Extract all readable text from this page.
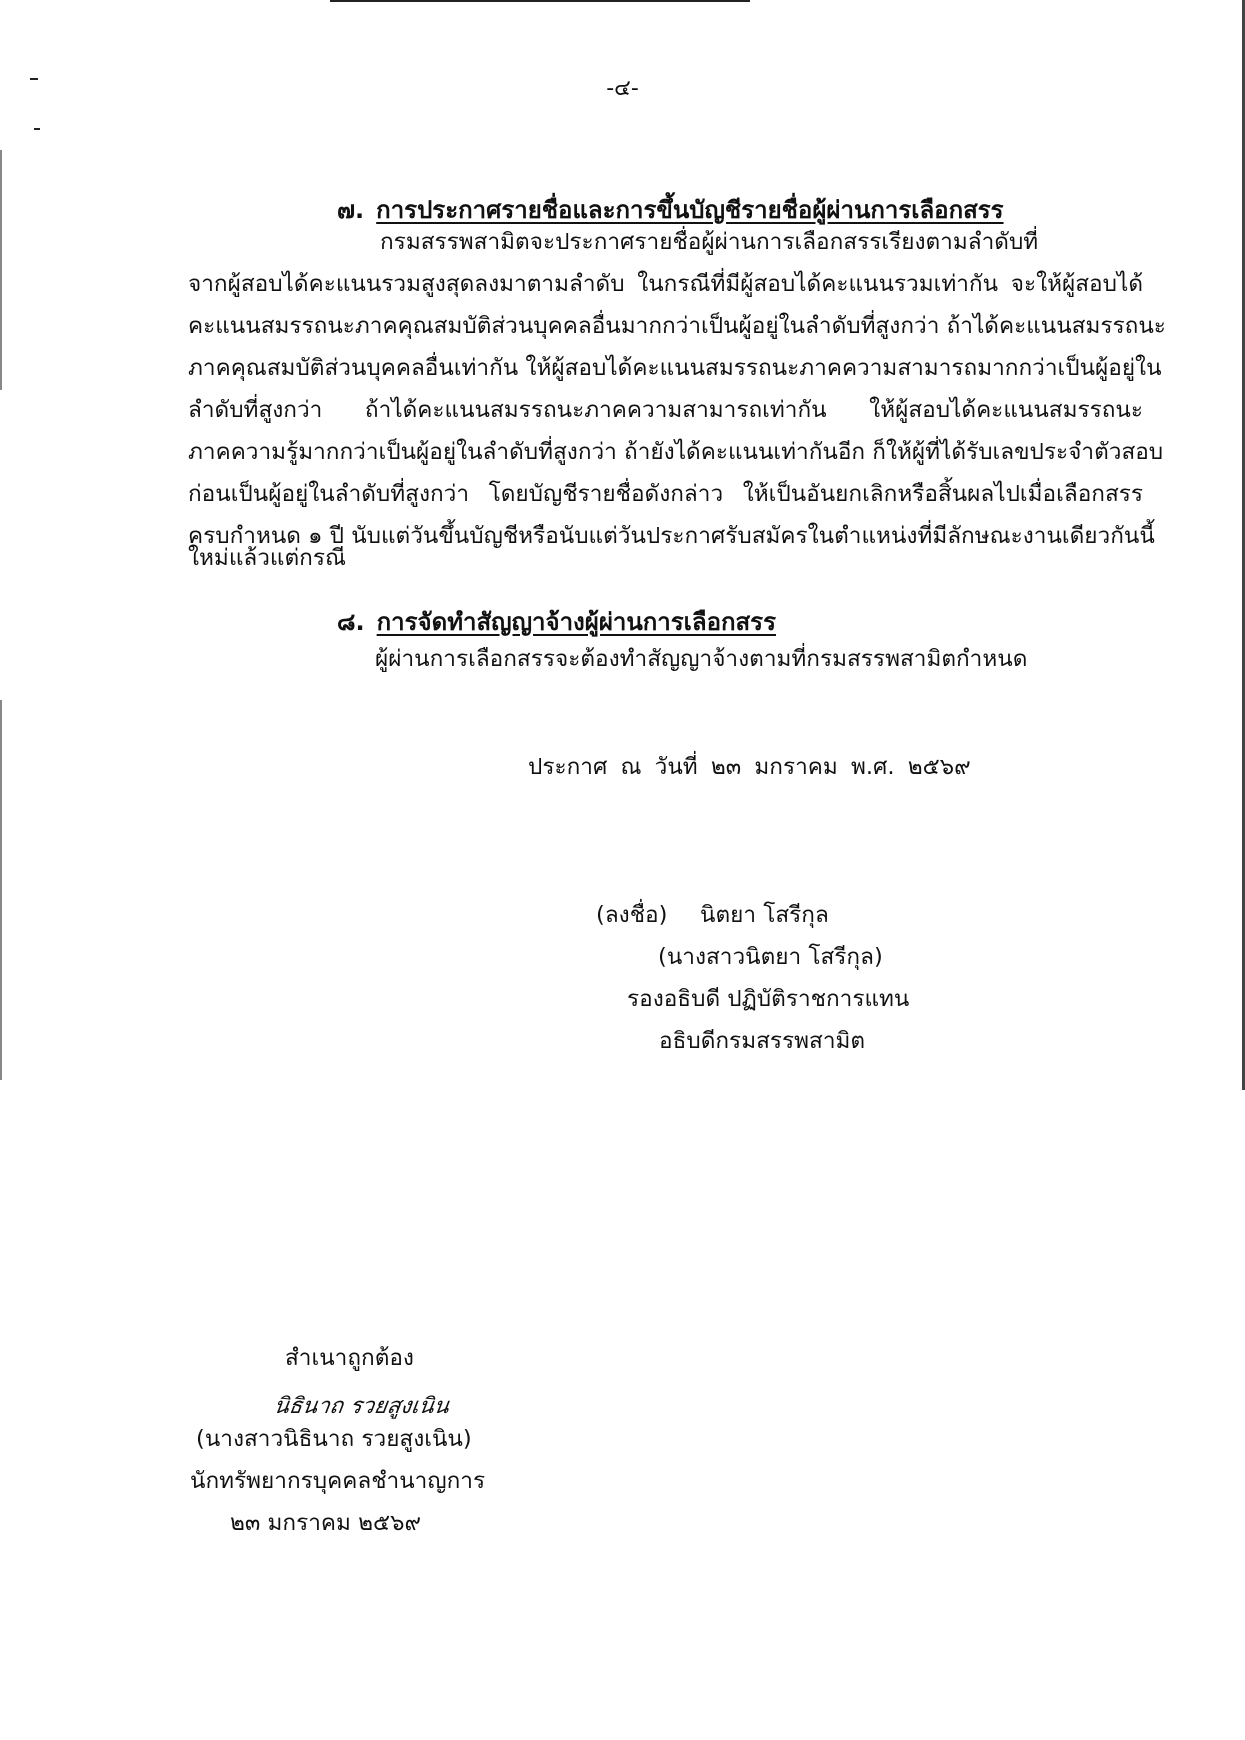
-๔-
๗. การประกาศรายชื่อและการขึ้นบัญชีรายชื่อผู้ผ่านการเลือกสรร
กรมสรรพสามิตจะประกาศรายชื่อผู้ผ่านการเลือกสรรเรียงตามลำดับที่
จากผู้สอบได้คะแนนรวมสูงสุดลงมาตามลำดับ ในกรณีที่มีผู้สอบได้คะแนนรวมเท่ากัน จะให้ผู้สอบได้
คะแนนสมรรถนะภาคคุณสมบัติส่วนบุคคลอื่นมากกว่าเป็นผู้อยู่ในลำดับที่สูงกว่า ถ้าได้คะแนนสมรรถนะ
ภาคคุณสมบัติส่วนบุคคลอื่นเท่ากัน ให้ผู้สอบได้คะแนนสมรรถนะภาคความสามารถมากกว่าเป็นผู้อยู่ใน
ลำดับที่สูงกว่า ถ้าได้คะแนนสมรรถนะภาคความสามารถเท่ากัน ให้ผู้สอบได้คะแนนสมรรถนะ
ภาคความรู้มากกว่าเป็นผู้อยู่ในลำดับที่สูงกว่า ถ้ายังได้คะแนนเท่ากันอีก ก็ให้ผู้ที่ได้รับเลขประจำตัวสอบ
ก่อนเป็นผู้อยู่ในลำดับที่สูงกว่า โดยบัญชีรายชื่อดังกล่าว ให้เป็นอันยกเลิกหรือสิ้นผลไปเมื่อเลือกสรร
ครบกำหนด ๑ ปี นับแต่วันขึ้นบัญชีหรือนับแต่วันประกาศรับสมัครในตำแหน่งที่มีลักษณะงานเดียวกันนี้
ใหม่แล้วแต่กรณี
๘. การจัดทำสัญญาจ้างผู้ผ่านการเลือกสรร
ผู้ผ่านการเลือกสรรจะต้องทำสัญญาจ้างตามที่กรมสรรพสามิตกำหนด
ประกาศ ณ วันที่ ๒๓ มกราคม พ.ศ. ๒๕๖๙
(ลงชื่อ) นิตยา โสรีกุล
(นางสาวนิตยา โสรีกุล)
รองอธิบดี ปฏิบัติราชการแทน
อธิบดีกรมสรรพสามิต
สำเนาถูกต้อง
นิธินาถ รวยสูงเนิน
(นางสาวนิธินาถ รวยสูงเนิน)
นักทรัพยากรบุคคลชำนาญการ
๒๓ มกราคม ๒๕๖๙
